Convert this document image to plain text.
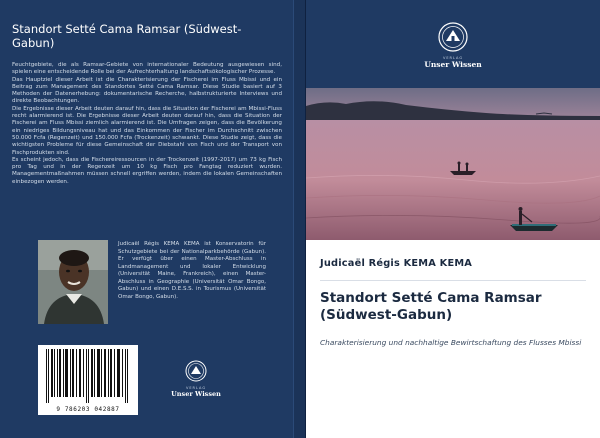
Standort Setté Cama Ramsar (Südwest-
Gabun)

Feuchtgebiete, die als Ramsar-Gebiete von internationaler Bedeutung ausgewiesen sind, spielen eine entscheidende Rolle bei der Aufrechterhaltung landschaftsökologischer Prozesse.

Das Hauptziel dieser Arbeit ist die Charakterisierung der Fischerei im Fluss Mbissi und ein Beitrag zum Management des Standortes Setté Cama Ramsar. Diese Studie basiert auf 3 Methoden der Datenerhebung: dokumentarische Recherche, halbstrukturierte Interviews und direkte Beobachtungen.

Die Ergebnisse dieser Arbeit deuten darauf hin, dass die Situation der Fischerei am Mbissi-Fluss recht alarmierend ist. Die Ergebnisse dieser Arbeit deuten darauf hin, dass die Situation der Fischerei am Fluss Mbissi ziemlich alarmierend ist. Die Umfragen zeigen, dass die Bevölkerung ein niedriges Bildungsniveau hat und das Einkommen der Fischer im Durchschnitt zwischen 50.000 Fcfa (Regenzeit) und 150.000 Fcfa (Trockenzeit) schwankt. Diese Studie zeigt, dass die wichtigsten Probleme für diese Gemeinschaft der Diebstahl von Fisch und der Transport von Fischprodukten sind.

Es scheint jedoch, dass die Fischereiressourcen in der Trockenzeit (1997-2017) um 73 kg Fisch pro Tag und in der Regenzeit um 10 kg Fisch pro Fangtag reduziert wurden. Managementmaßnahmen müssen schnell ergriffen werden, indem die lokalen Gemeinschaften einbezogen werden.

Judicaël Régis KEMA KEMA ist Konservatorin für Schutzgebiete bei der Nationalparkbehörde (Gabun). Er verfügt über einen Master-Abschluss in Landmanagement und lokaler Entwicklung (Universität Maine, Frankreich), einen Master-Abschluss in Geographie (Universität Omar Bongo, Gabun) und einen D.E.S.S. in Tourismus (Universität Omar Bongo, Gabun).
9 786203 042887
VERLAG
Unser Wissen
VERLAG
Unser Wissen
Judicaël Régis KEMA KEMA
Standort Setté Cama Ramsar
(Südwest-Gabun)
Charakterisierung und nachhaltige Bewirtschaftung des Flusses Mbissi
